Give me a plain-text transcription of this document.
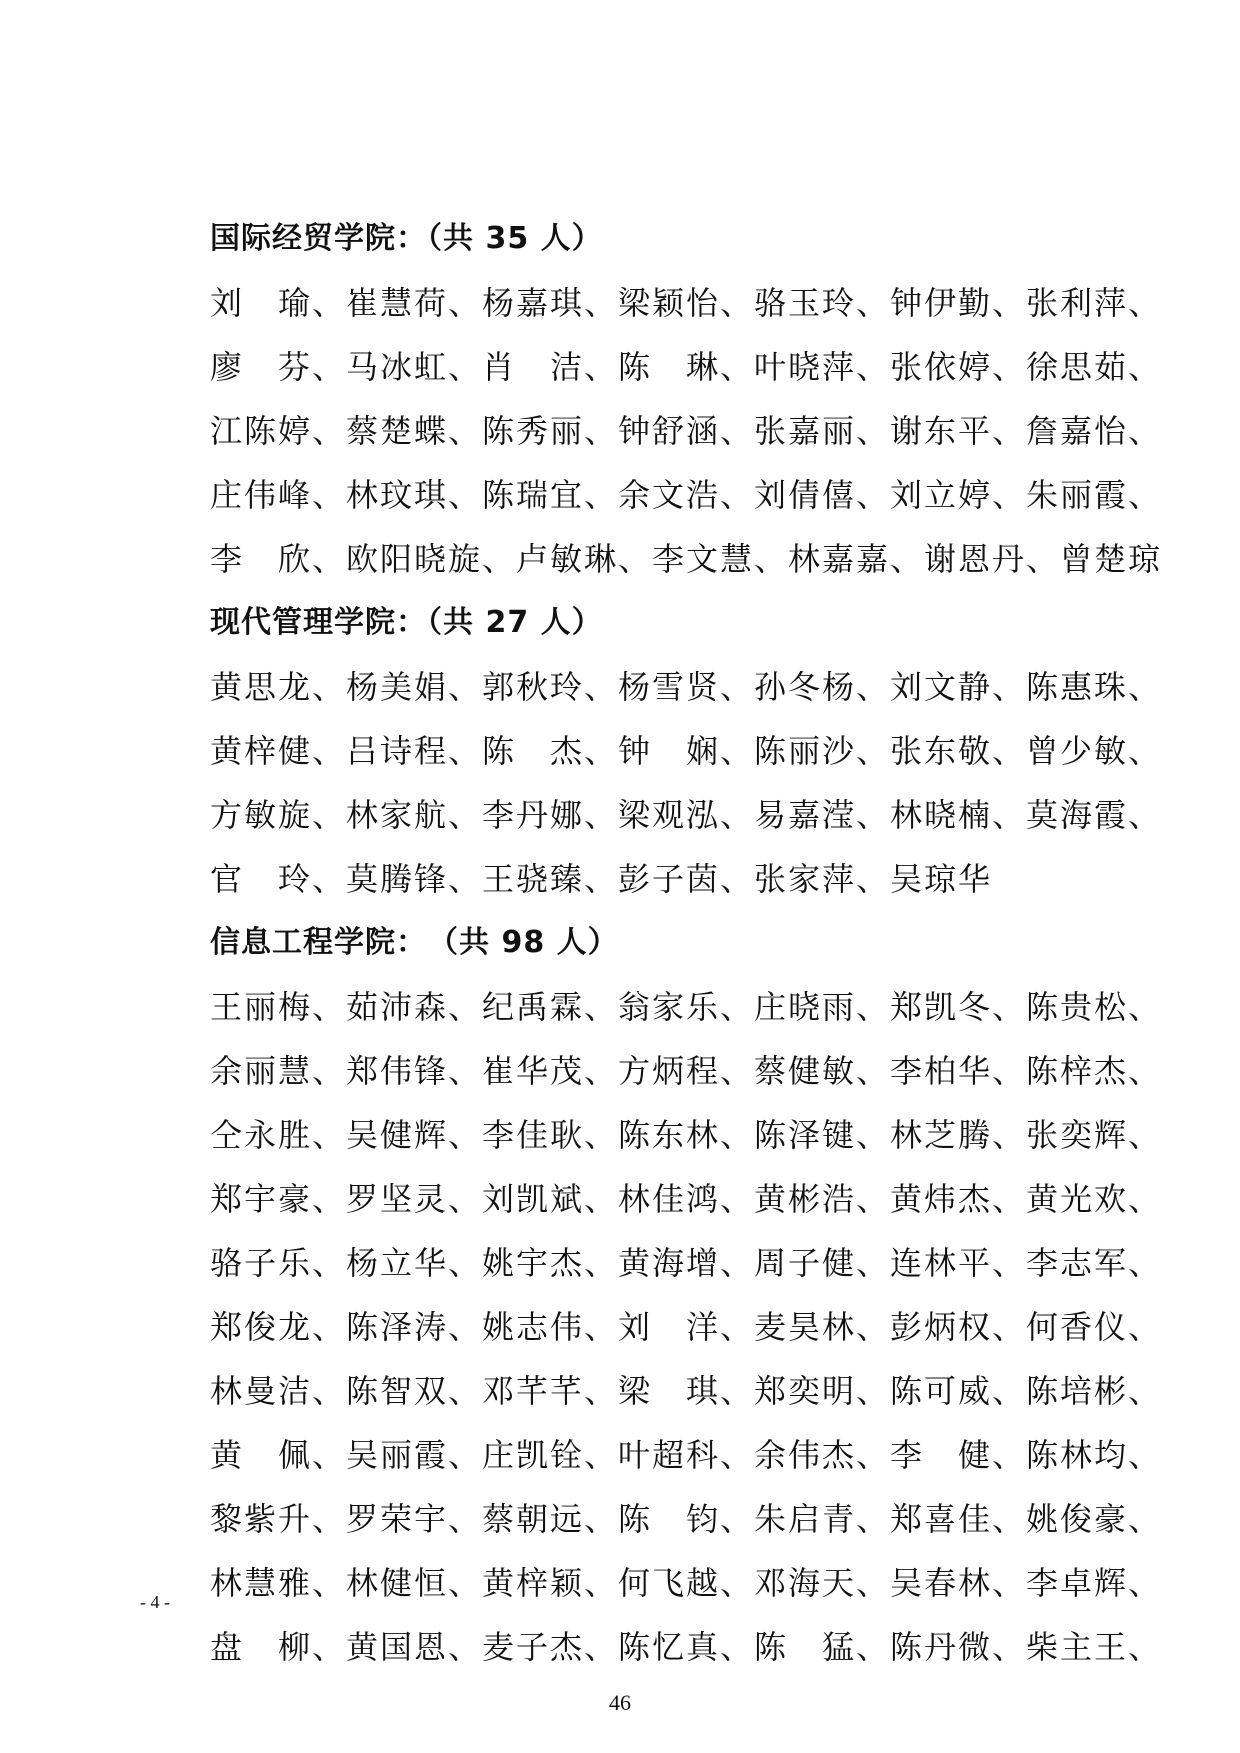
国际经贸学院：（共 35 人）
刘　瑜、崔慧荷、杨嘉琪、梁颖怡、骆玉玲、钟伊勤、张利萍、
廖　芬、马冰虹、肖　洁、陈　琳、叶晓萍、张依婷、徐思茹、
江陈婷、蔡楚蝶、陈秀丽、钟舒涵、张嘉丽、谢东平、詹嘉怡、
庄伟峰、林玟琪、陈瑞宜、余文浩、刘倩僖、刘立婷、朱丽霞、
李　欣、欧阳晓旋、卢敏琳、李文慧、林嘉嘉、谢恩丹、曾楚琼
现代管理学院：（共 27 人）
黄思龙、杨美娟、郭秋玲、杨雪贤、孙冬杨、刘文静、陈惠珠、
黄梓健、吕诗程、陈　杰、钟　娴、陈丽沙、张东敬、曾少敏、
方敏旋、林家航、李丹娜、梁观泓、易嘉滢、林晓楠、莫海霞、
官　玲、莫腾锋、王骁臻、彭子茵、张家萍、吴琼华
信息工程学院：　（共 98 人）
王丽梅、茹沛森、纪禹霖、翁家乐、庄晓雨、郑凯冬、陈贵松、
余丽慧、郑伟锋、崔华茂、方炳程、蔡健敏、李柏华、陈梓杰、
仝永胜、吴健辉、李佳耿、陈东林、陈泽键、林芝腾、张奕辉、
郑宇豪、罗坚灵、刘凯斌、林佳鸿、黄彬浩、黄炜杰、黄光欢、
骆子乐、杨立华、姚宇杰、黄海增、周子健、连林平、李志军、
郑俊龙、陈泽涛、姚志伟、刘　洋、麦昊林、彭炳权、何香仪、
林曼洁、陈智双、邓芊芊、梁　琪、郑奕明、陈可威、陈培彬、
黄　佩、吴丽霞、庄凯铨、叶超科、余伟杰、李　健、陈林均、
黎紫升、罗荣宇、蔡朝远、陈　钧、朱启青、郑喜佳、姚俊豪、
林慧雅、林健恒、黄梓颖、何飞越、邓海天、吴春林、李卓辉、
盘　柳、黄国恩、麦子杰、陈忆真、陈　猛、陈丹微、柴主王、
- 4 -
46
